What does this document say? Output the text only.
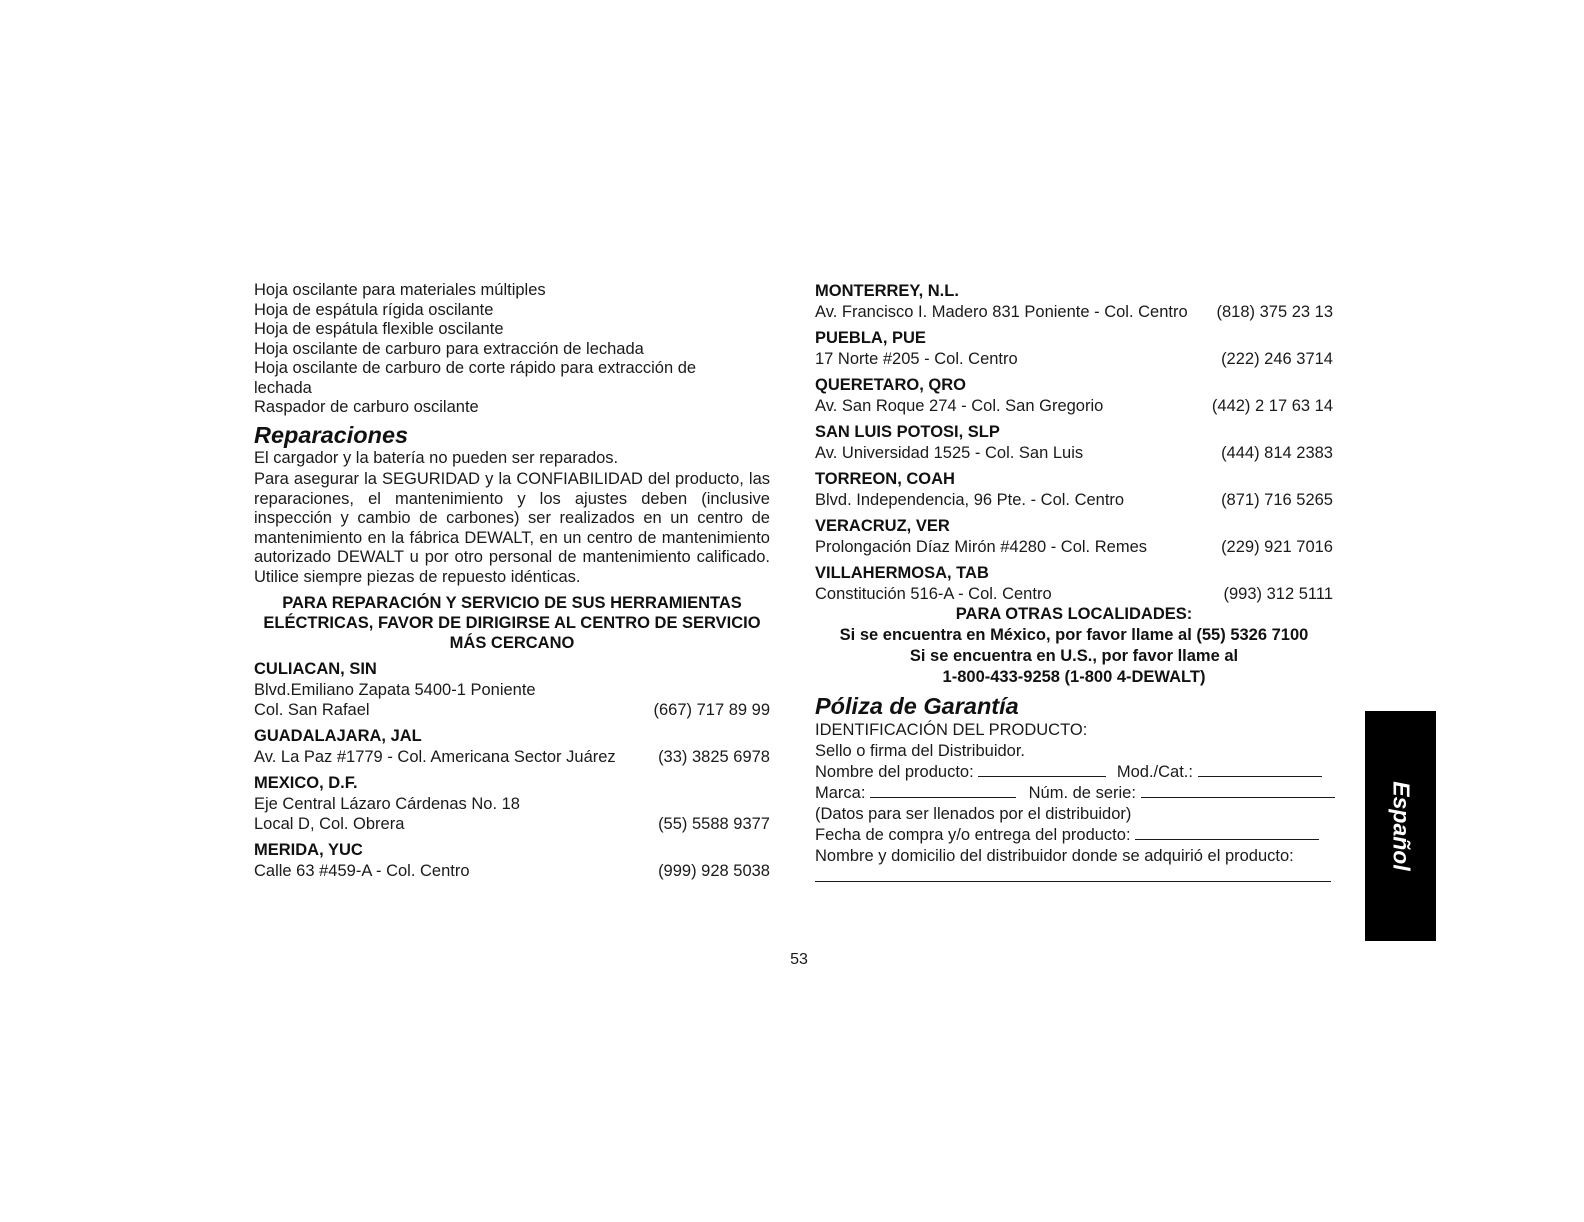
Hoja oscilante para materiales múltiples
Hoja de espátula rígida oscilante
Hoja de espátula flexible oscilante
Hoja oscilante de carburo para extracción de lechada
Hoja oscilante de carburo de corte rápido para extracción de
lechada
Raspador de carburo oscilante
Reparaciones
El cargador y la batería no pueden ser reparados.
Para asegurar la SEGURIDAD y la CONFIABILIDAD del producto, las reparaciones, el mantenimiento y los ajustes deben (inclusive inspección y cambio de carbones) ser realizados en un centro de mantenimiento en la fábrica DEWALT, en un centro de mantenimiento autorizado DEWALT u por otro personal de mantenimiento calificado. Utilice siempre piezas de repuesto idénticas.
PARA REPARACIÓN Y SERVICIO DE SUS HERRAMIENTAS ELÉCTRICAS, FAVOR DE DIRIGIRSE AL CENTRO DE SERVICIO MÁS CERCANO
CULIACAN, SIN
Blvd.Emiliano Zapata 5400-1 Poniente
Col. San Rafael	(667) 717 89 99
GUADALAJARA, JAL
Av. La Paz #1779 - Col. Americana Sector Juárez	(33) 3825 6978
MEXICO, D.F.
Eje Central Lázaro Cárdenas No. 18
Local D, Col. Obrera	(55) 5588 9377
MERIDA, YUC
Calle 63 #459-A - Col. Centro	(999) 928 5038
MONTERREY, N.L.
Av. Francisco I. Madero 831 Poniente - Col. Centro (818) 375 23 13
PUEBLA, PUE
17 Norte #205 - Col. Centro	(222) 246 3714
QUERETARO, QRO
Av. San Roque 274 - Col. San Gregorio	(442) 2 17 63 14
SAN LUIS POTOSI, SLP
Av. Universidad 1525 - Col. San Luis	(444) 814 2383
TORREON, COAH
Blvd. Independencia, 96 Pte. - Col. Centro	(871) 716 5265
VERACRUZ, VER
Prolongación Díaz Mirón #4280 - Col. Remes	(229) 921 7016
VILLAHERMOSA, TAB
Constitución 516-A - Col. Centro	(993) 312 5111
PARA OTRAS LOCALIDADES:
Si se encuentra en México, por favor llame al (55) 5326 7100
Si se encuentra en U.S., por favor llame al
1-800-433-9258 (1-800 4-DEWALT)
Póliza de Garantía
IDENTIFICACIÓN DEL PRODUCTO:
Sello o firma del Distribuidor.
Nombre del producto:	Mod./Cat.:
Marca:	Núm. de serie:
(Datos para ser llenados por el distribuidor)
Fecha de compra y/o entrega del producto:
Nombre y domicilio del distribuidor donde se adquirió el producto:
53
Español
